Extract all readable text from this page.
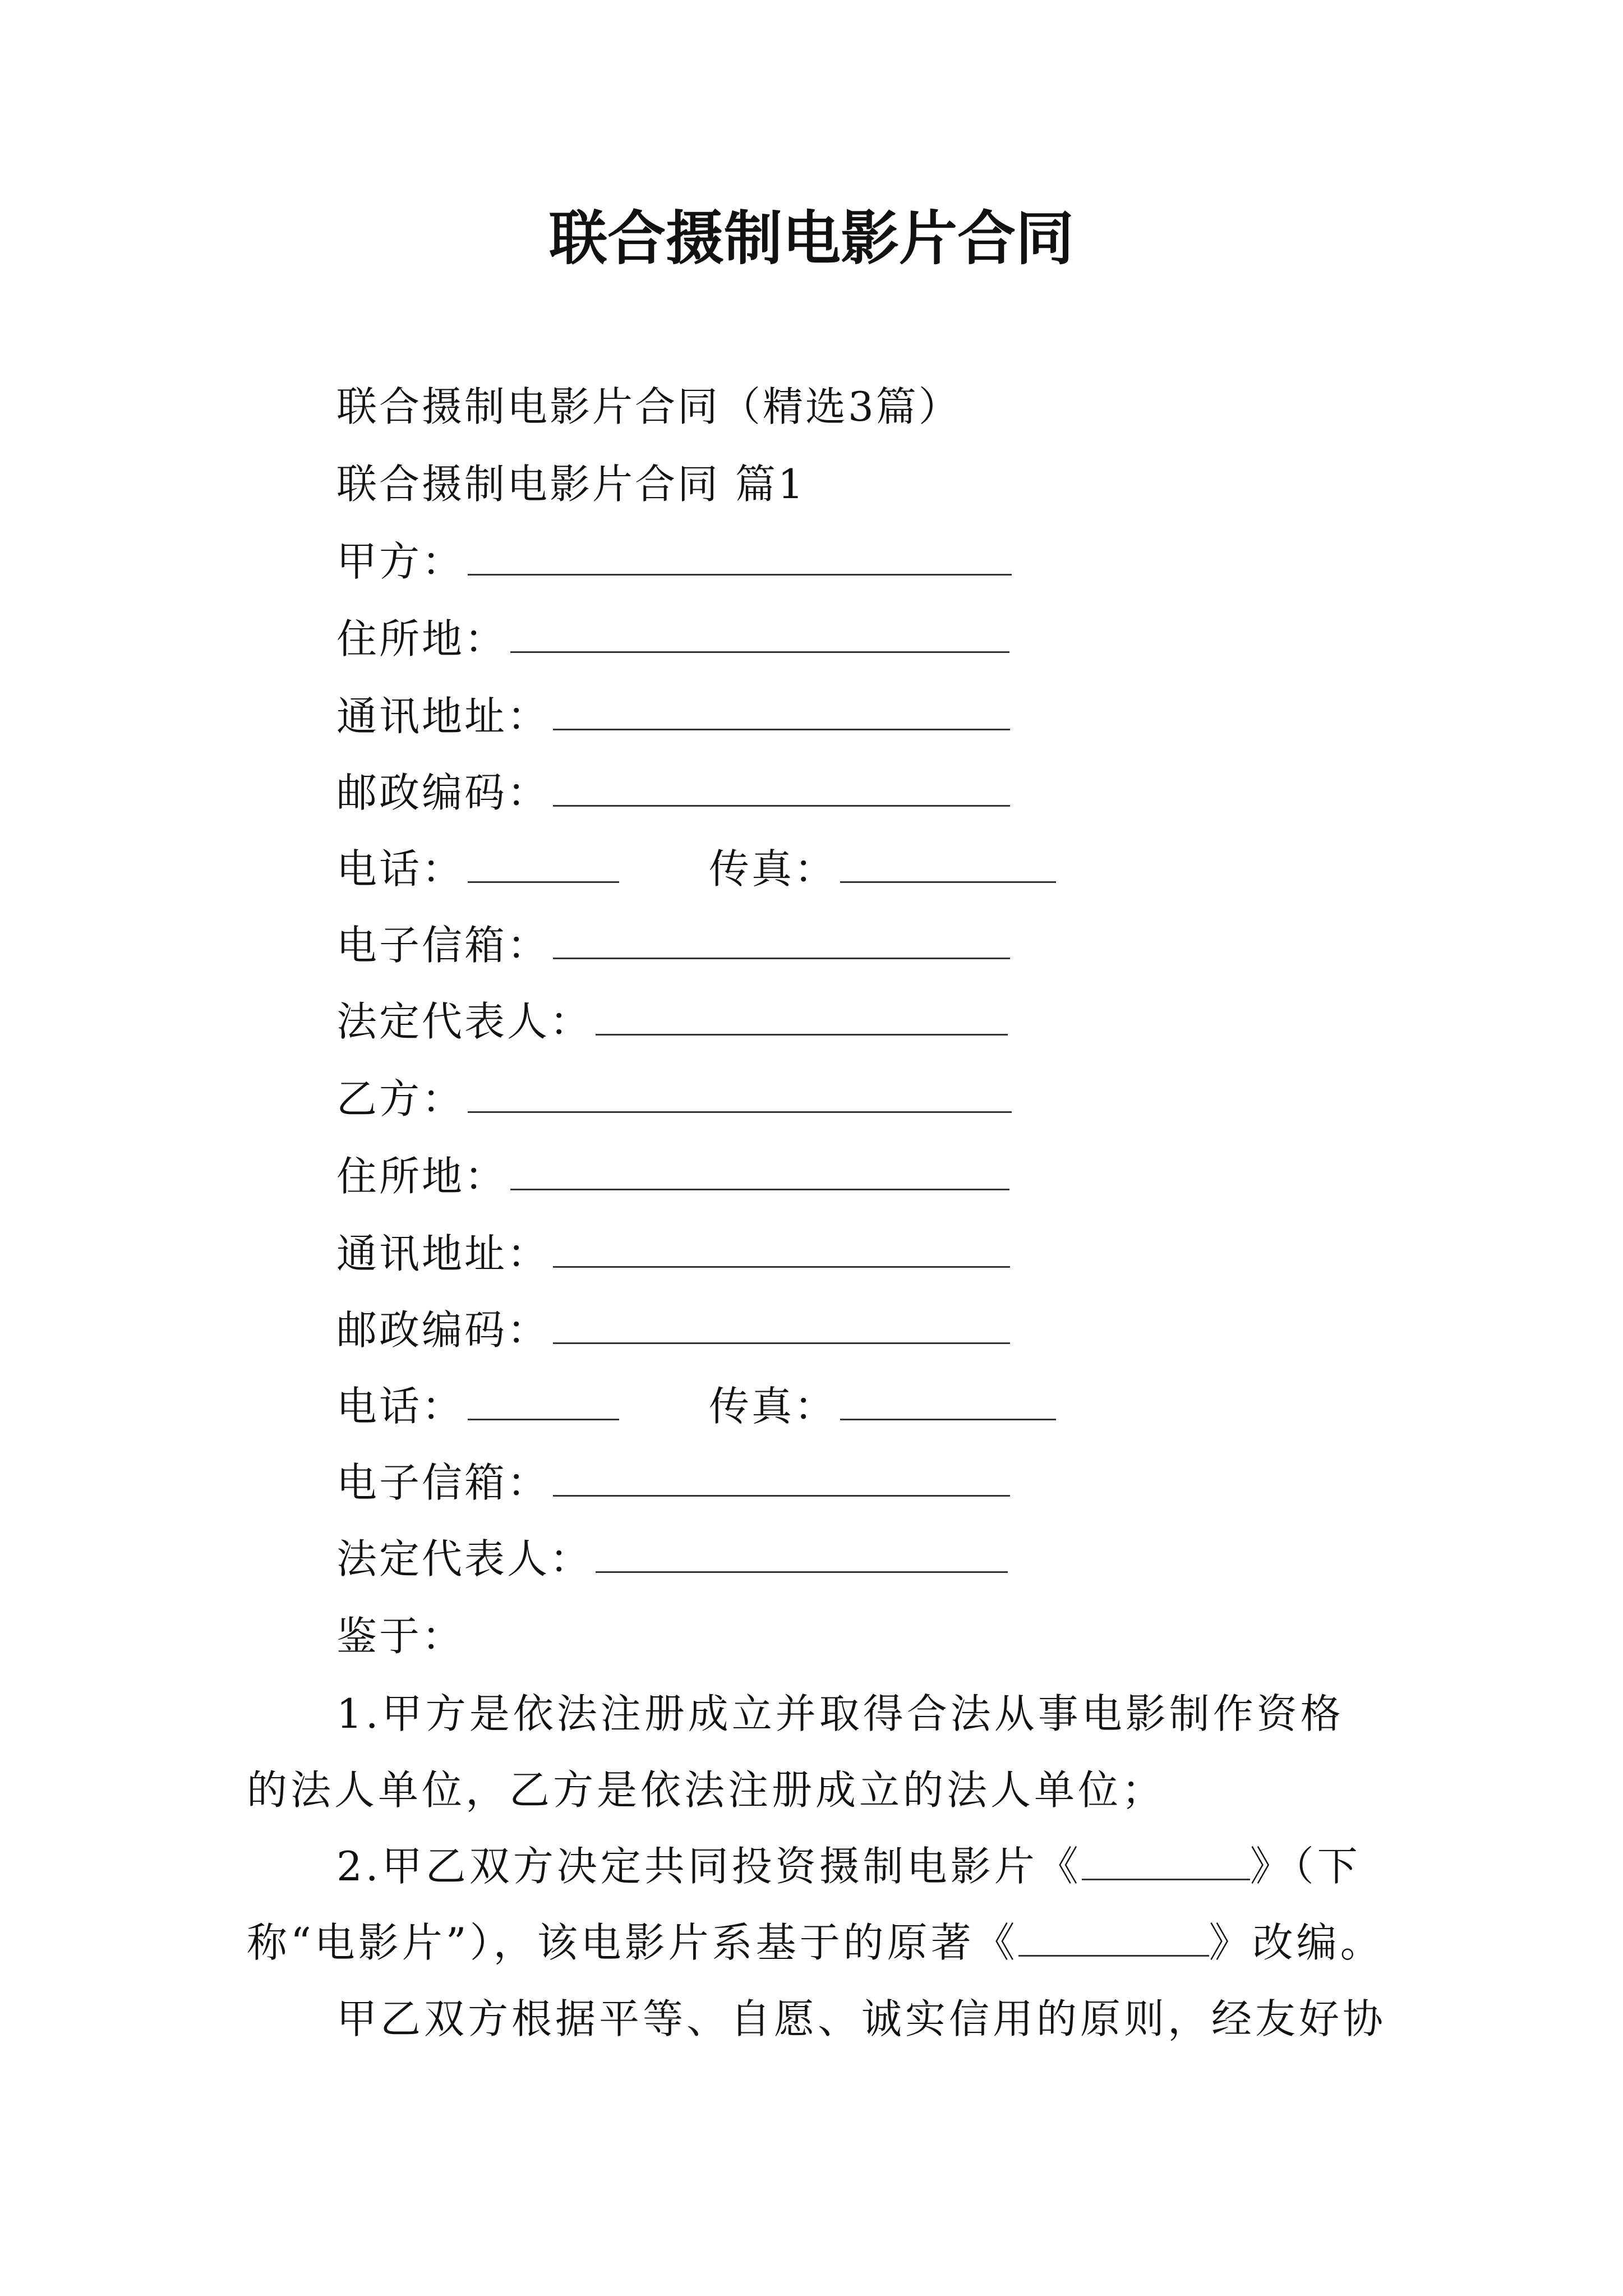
联合摄制电影片合同
联合摄制电影片合同（精选3篇）
联合摄制电影片合同 篇1
甲方：
住所地：
通讯地址：
邮政编码：
电话：	传真：
电子信箱：
法定代表人：
乙方：
住所地：
通讯地址：
邮政编码：
电话：	传真：
电子信箱：
法定代表人：
鉴于：
1.甲方是依法注册成立并取得合法从事电影制作资格
的法人单位，乙方是依法注册成立的法人单位；
2.甲乙双方决定共同投资摄制电影片《	》（下
称“电影片”），该电影片系基于的原著《	》改编。
甲乙双方根据平等、自愿、诚实信用的原则，经友好协
